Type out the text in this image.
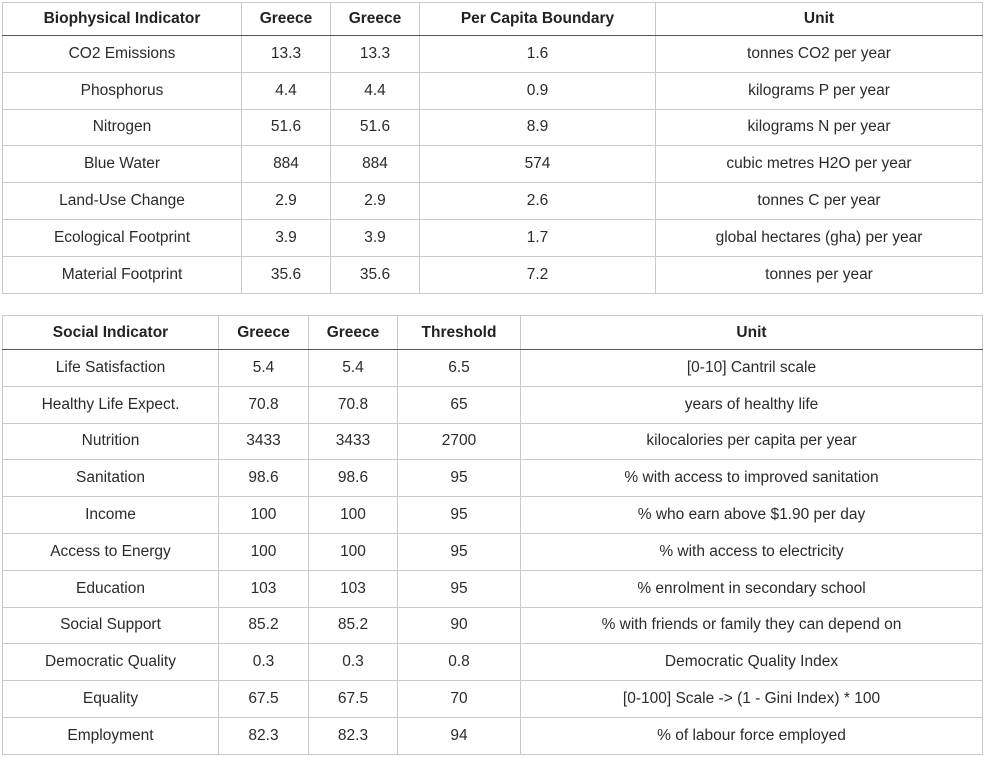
Biophysical Indicator	Greece	Greece	Per Capita Boundary	Unit
CO2 Emissions	13.3	13.3	1.6	tonnes CO2 per year
Phosphorus	4.4	4.4	0.9	kilograms P per year
Nitrogen	51.6	51.6	8.9	kilograms N per year
Blue Water	884	884	574	cubic metres H2O per year
Land-Use Change	2.9	2.9	2.6	tonnes C per year
Ecological Footprint	3.9	3.9	1.7	global hectares (gha) per year
Material Footprint	35.6	35.6	7.2	tonnes per year
Social Indicator	Greece	Greece	Threshold	Unit
Life Satisfaction	5.4	5.4	6.5	[0-10] Cantril scale
Healthy Life Expect.	70.8	70.8	65	years of healthy life
Nutrition	3433	3433	2700	kilocalories per capita per year
Sanitation	98.6	98.6	95	% with access to improved sanitation
Income	100	100	95	% who earn above $1.90 per day
Access to Energy	100	100	95	% with access to electricity
Education	103	103	95	% enrolment in secondary school
Social Support	85.2	85.2	90	% with friends or family they can depend on
Democratic Quality	0.3	0.3	0.8	Democratic Quality Index
Equality	67.5	67.5	70	[0-100] Scale -> (1 - Gini Index) * 100
Employment	82.3	82.3	94	% of labour force employed
